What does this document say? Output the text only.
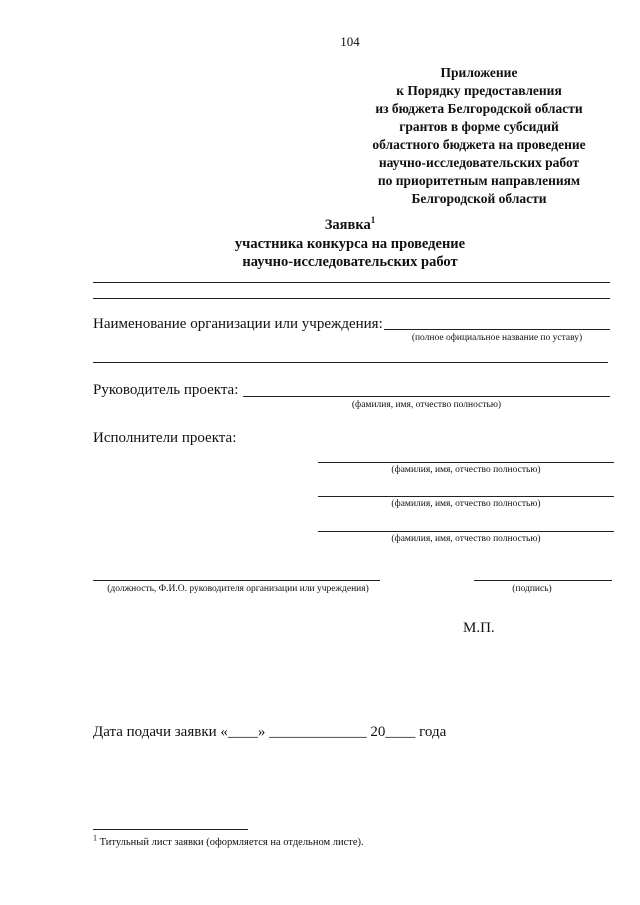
104
Приложение
к Порядку предоставления
из бюджета Белгородской области
грантов в форме субсидий
областного бюджета на проведение
научно-исследовательских работ
по приоритетным направлениям
Белгородской области
Заявка$^1$
участника конкурса на проведение
научно-исследовательских работ
Наименование организации или учреждения:
(полное официальное название по уставу)
Руководитель проекта:
(фамилия, имя, отчество полностью)
Исполнители проекта:
(фамилия, имя, отчество полностью)
(фамилия, имя, отчество полностью)
(фамилия, имя, отчество полностью)
(должность, Ф.И.О. руководителя организации или учреждения)	(подпись)
М.П.
Дата подачи заявки «____» _____________ 20____ года
$^1$ Титульный лист заявки (оформляется на отдельном листе).
